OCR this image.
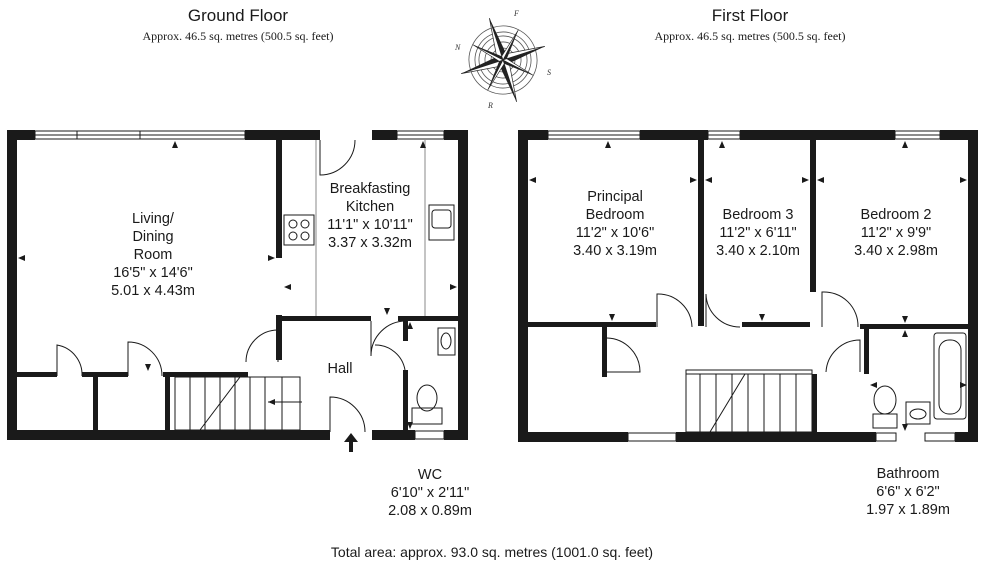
F
N
S
R
Ground Floor
Approx. 46.5 sq. metres (500.5 sq. feet)
First Floor
Approx. 46.5 sq. metres (500.5 sq. feet)
Living/
Dining
Room
16'5" x 14'6"
5.01 x 4.43m
Breakfasting
Kitchen
11'1" x 10'11"
3.37 x 3.32m
Hall
WC
6'10" x 2'11"
2.08 x 0.89m
Principal
Bedroom
11'2" x 10'6"
3.40 x 3.19m
Bedroom 3
11'2" x 6'11"
3.40 x 2.10m
Bedroom 2
11'2" x 9'9"
3.40 x 2.98m
Bathroom
6'6" x 6'2"
1.97 x 1.89m
Total area: approx. 93.0 sq. metres (1001.0 sq. feet)
